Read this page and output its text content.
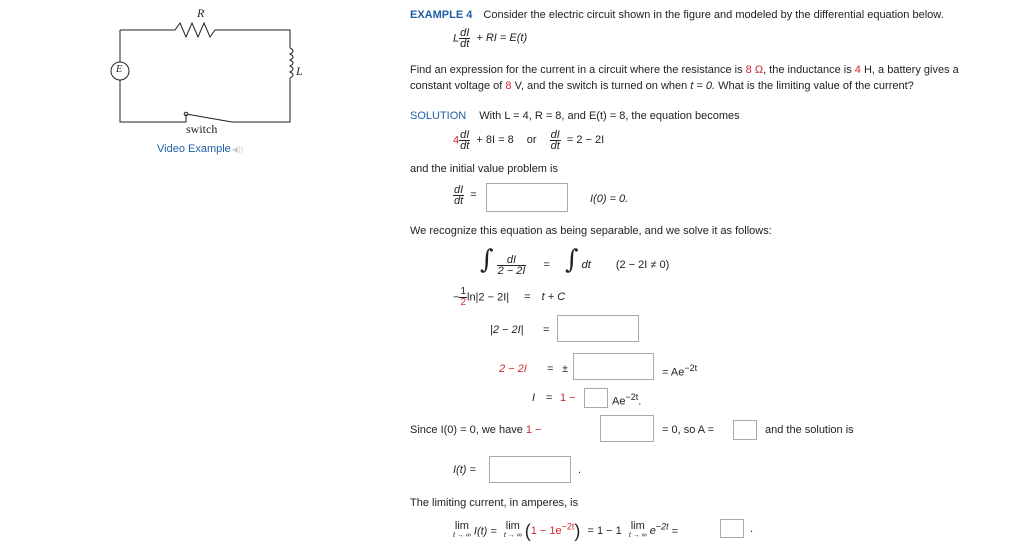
R
L
E
switch
Video Example◀))
EXAMPLE 4 Consider the electric circuit shown in the figure and modeled by the differential equation below.
L $\frac{dI}{dt}$ + RI = E(t)
Find an expression for the current in a circuit where the resistance is 8 Ω, the inductance is 4 H, a battery gives a
constant voltage of 8 V, and the switch is turned on when t = 0. What is the limiting value of the current?
SOLUTION With L = 4, R = 8, and E(t) = 8, the equation becomes
$4 \frac{dI}{dt} + 8I = 8$ or $\frac{dI}{dt} = 2 - 2I$
and the initial value problem is
$\frac{dI}{dt}$ =	I(0) = 0.
We recognize this equation as being separable, and we solve it as follows:
∫ $\frac{dI}{2 - 2I}$ = ∫ dt (2 − 2I ≠ 0)
− $\frac{1}{2} \ln|2 - 2I| = t + C$
|2 − 2I| =
2 − 2I = ±	= $Ae^{-2t}$
I = 1 −	$Ae^{-2t}$.
Since I(0) = 0, we have 1 −	= 0, so A =	and the solution is
I(t) =	.
The limiting current, in amperes, is
lim
t → ∞ I(t) = lim
t → ∞ $(1 - 1e^{-2t}) = 1 - 1$ lim
t → ∞ $e^{-2t}$ =	.
